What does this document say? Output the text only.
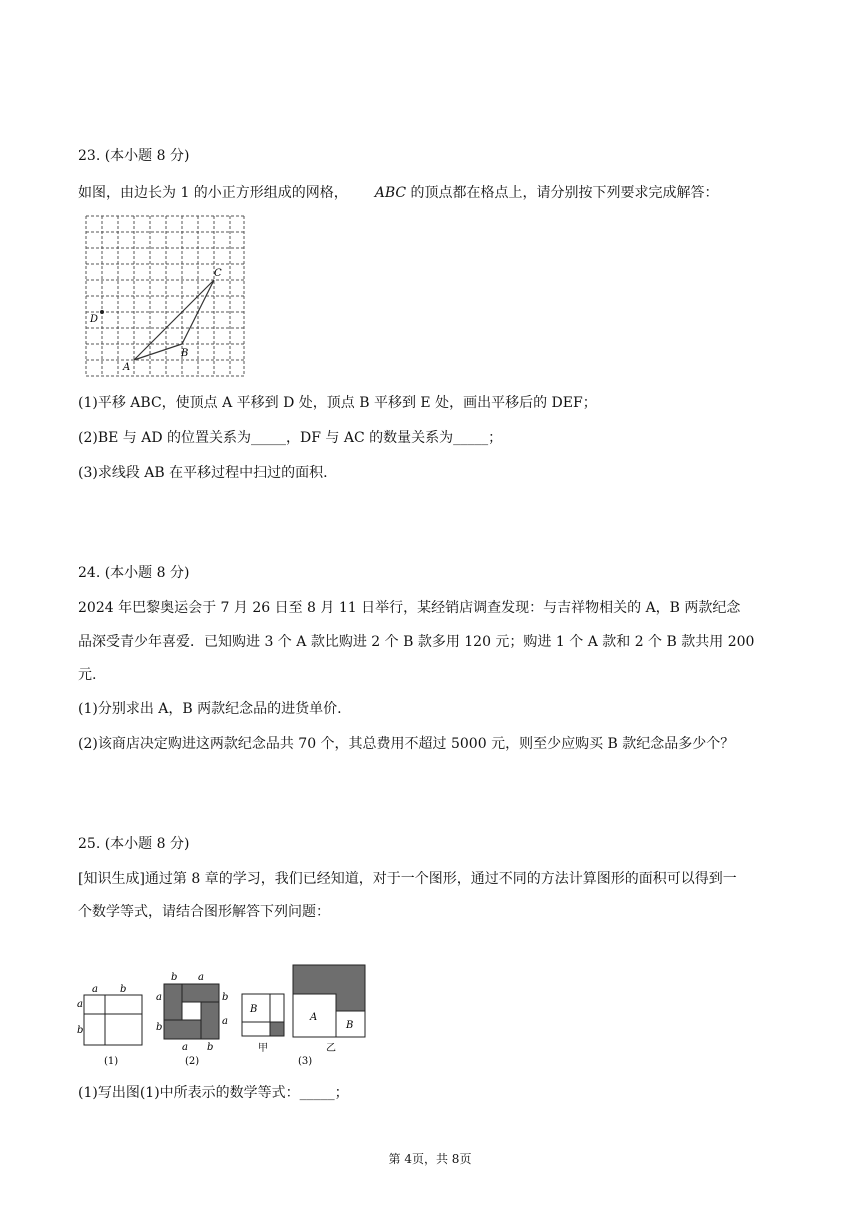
23. (本小题 8 分)
如图，由边长为 1 的小正方形组成的网格， ABC 的顶点都在格点上，请分别按下列要求完成解答：
A
B
C
D
(1)平移 ABC，使顶点 A 平移到 D 处，顶点 B 平移到 E 处，画出平移后的 DEF；
(2)BE 与 AD 的位置关系为_____，DF 与 AC 的数量关系为_____；
(3)求线段 AB 在平移过程中扫过的面积.
24. (本小题 8 分)
2024 年巴黎奥运会于 7 月 26 日至 8 月 11 日举行，某经销店调查发现：与吉祥物相关的 A，B 两款纪念
品深受青少年喜爱．已知购进 3 个 A 款比购进 2 个 B 款多用 120 元；购进 1 个 A 款和 2 个 B 款共用 200
元.
(1)分别求出 A，B 两款纪念品的进货单价.
(2)该商店决定购进这两款纪念品共 70 个，其总费用不超过 5000 元，则至少应购买 B 款纪念品多少个？
25. (本小题 8 分)
[知识生成]通过第 8 章的学习，我们已经知道，对于一个图形，通过不同的方法计算图形的面积可以得到一
个数学等式，请结合图形解答下列问题：
a b
a
b
(1)
b a
a
b
b
a
a b
(2)
B
甲
A
B
乙
(3)
(1)写出图(1)中所表示的数学等式：_____；
第 4页，共 8页
